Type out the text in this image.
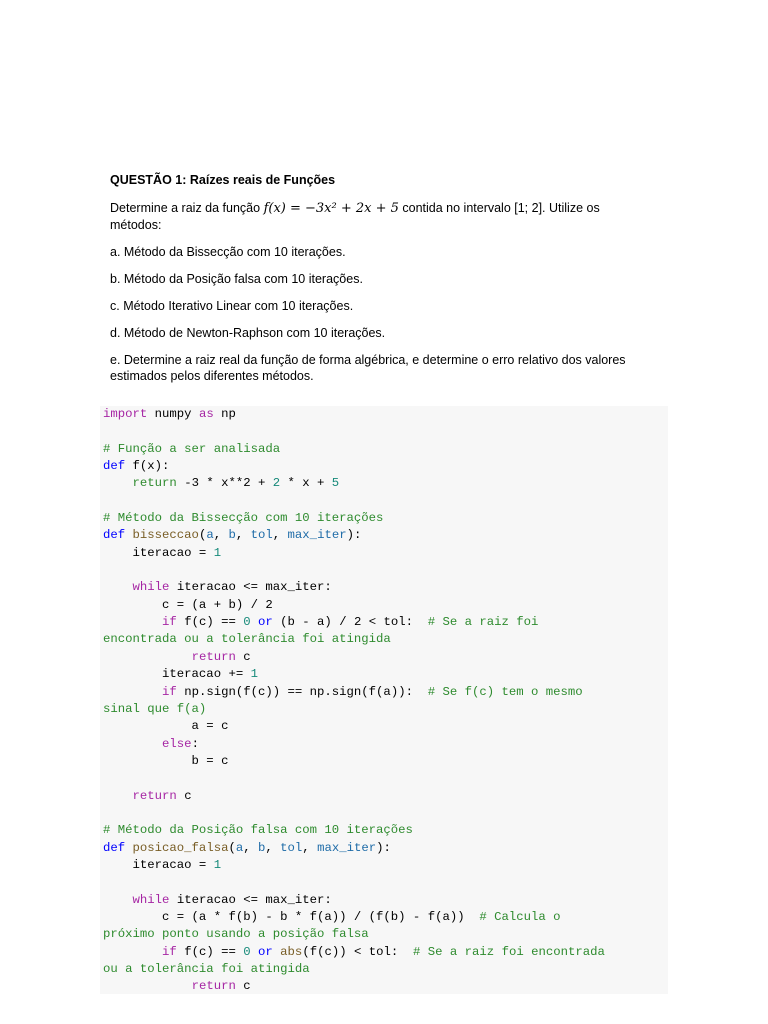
QUESTÃO 1: Raízes reais de Funções

Determine a raiz da função f(x) = −3x² + 2x + 5 contida no intervalo [1; 2]. Utilize os métodos:

a. Método da Bissecção com 10 iterações.

b. Método da Posição falsa com 10 iterações.

c. Método Iterativo Linear com 10 iterações.

d. Método de Newton-Raphson com 10 iterações.

e. Determine a raiz real da função de forma algébrica, e determine o erro relativo dos valores estimados pelos diferentes métodos.

import numpy as np

# Função a ser analisada
def f(x):
return -3 * x**2 + 2 * x + 5

# Método da Bissecção com 10 iterações
def bisseccao(a, b, tol, max_iter):
iteracao = 1

while iteracao <= max_iter:
c = (a + b) / 2
if f(c) == 0 or (b - a) / 2 < tol:  # Se a raiz foi
encontrada ou a tolerância foi atingida
return c
iteracao += 1
if np.sign(f(c)) == np.sign(f(a)):  # Se f(c) tem o mesmo
sinal que f(a)
a = c
else:
b = c

return c

# Método da Posição falsa com 10 iterações
def posicao_falsa(a, b, tol, max_iter):
iteracao = 1

while iteracao <= max_iter:
c = (a * f(b) - b * f(a)) / (f(b) - f(a))  # Calcula o
próximo ponto usando a posição falsa
if f(c) == 0 or abs(f(c)) < tol:  # Se a raiz foi encontrada
ou a tolerância foi atingida
return c
